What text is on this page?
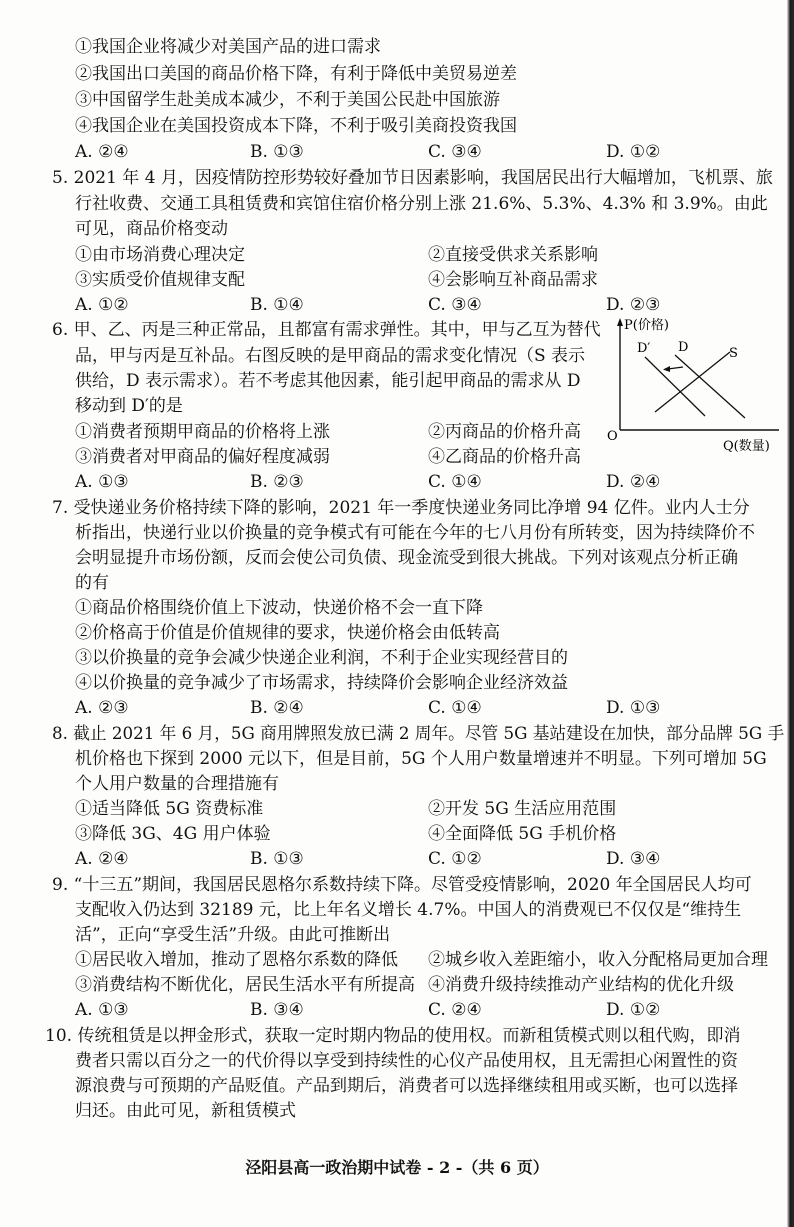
①我国企业将减少对美国产品的进口需求
②我国出口美国的商品价格下降，有利于降低中美贸易逆差
③中国留学生赴美成本减少，不利于美国公民赴中国旅游
④我国企业在美国投资成本下降，不利于吸引美商投资我国
A. ②④	B. ①③	C. ③④	D. ①②
5. 2021 年 4 月，因疫情防控形势较好叠加节日因素影响，我国居民出行大幅增加，飞机票、旅
行社收费、交通工具租赁费和宾馆住宿价格分别上涨 21.6%、5.3%、4.3% 和 3.9%。由此
可见，商品价格变动
①由市场消费心理决定	②直接受供求关系影响
③实质受价值规律支配	④会影响互补商品需求
A. ①②	B. ①④	C. ③④	D. ②③
6. 甲、乙、丙是三种正常品，且都富有需求弹性。其中，甲与乙互为替代
品，甲与丙是互补品。右图反映的是甲商品的需求变化情况（S 表示
供给，D 表示需求）。若不考虑其他因素，能引起甲商品的需求从 D
移动到 D′的是
①消费者预期甲商品的价格将上涨	②丙商品的价格升高
③消费者对甲商品的偏好程度减弱	④乙商品的价格升高
A. ①③	B. ②③	C. ①④	D. ②④
P(价格)
Q(数量)
O
D′ D	S
7. 受快递业务价格持续下降的影响，2021 年一季度快递业务同比净增 94 亿件。业内人士分
析指出，快递行业以价换量的竞争模式有可能在今年的七八月份有所转变，因为持续降价不
会明显提升市场份额，反而会使公司负债、现金流受到很大挑战。下列对该观点分析正确
的有
①商品价格围绕价值上下波动，快递价格不会一直下降
②价格高于价值是价值规律的要求，快递价格会由低转高
③以价换量的竞争会减少快递企业利润，不利于企业实现经营目的
④以价换量的竞争减少了市场需求，持续降价会影响企业经济效益
A. ②③	B. ②④	C. ①④	D. ①③
8. 截止 2021 年 6 月，5G 商用牌照发放已满 2 周年。尽管 5G 基站建设在加快，部分品牌 5G 手
机价格也下探到 2000 元以下，但是目前，5G 个人用户数量增速并不明显。下列可增加 5G
个人用户数量的合理措施有
①适当降低 5G 资费标准	②开发 5G 生活应用范围
③降低 3G、4G 用户体验	④全面降低 5G 手机价格
A. ②④	B. ①③	C. ①②	D. ③④
9. “十三五”期间，我国居民恩格尔系数持续下降。尽管受疫情影响，2020 年全国居民人均可
支配收入仍达到 32189 元，比上年名义增长 4.7%。中国人的消费观已不仅仅是“维持生
活”，正向“享受生活”升级。由此可推断出
①居民收入增加，推动了恩格尔系数的降低 ②城乡收入差距缩小，收入分配格局更加合理
③消费结构不断优化，居民生活水平有所提高 ④消费升级持续推动产业结构的优化升级
A. ①③	B. ③④	C. ②④	D. ①②
10. 传统租赁是以押金形式，获取一定时期内物品的使用权。而新租赁模式则以租代购，即消
费者只需以百分之一的代价得以享受到持续性的心仪产品使用权，且无需担心闲置性的资
源浪费与可预期的产品贬值。产品到期后，消费者可以选择继续租用或买断，也可以选择
归还。由此可见，新租赁模式
泾阳县高一政治期中试卷 - 2 -（共 6 页）
